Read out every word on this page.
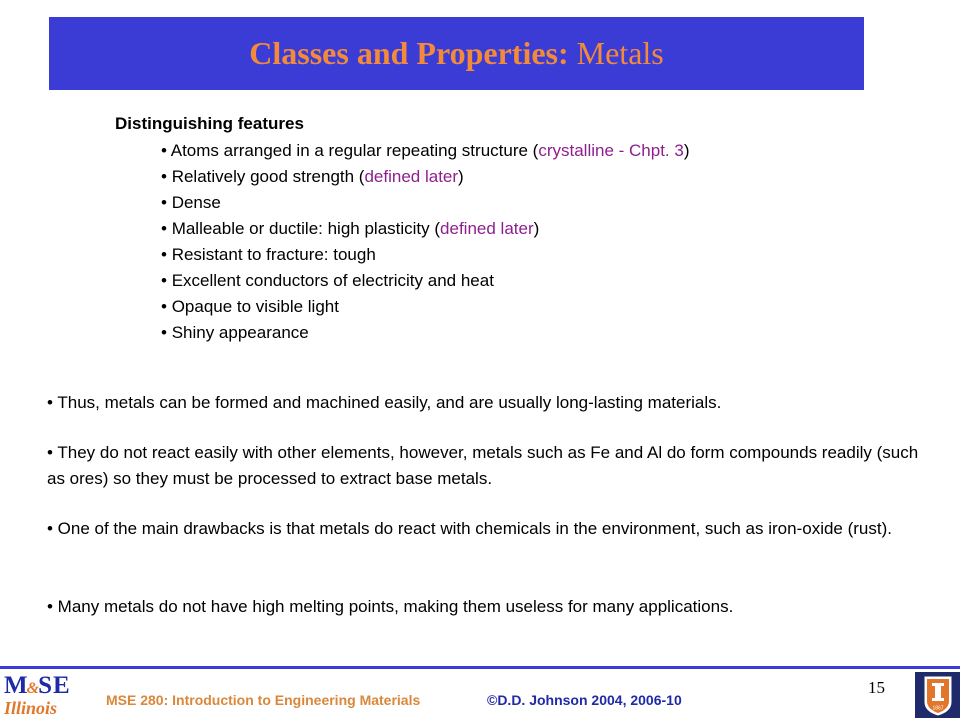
Classes and Properties: Metals
Distinguishing features
• Atoms arranged in a regular repeating structure (crystalline - Chpt. 3)
• Relatively good strength (defined later)
• Dense
• Malleable or ductile: high plasticity (defined later)
• Resistant to fracture: tough
• Excellent conductors of electricity and heat
• Opaque to visible light
• Shiny appearance
• Thus, metals can be formed and machined easily, and are usually long-lasting materials.
• They do not react easily with other elements, however, metals such as Fe and Al do form compounds readily (such as ores) so they must be processed to extract base metals.
• One of the main drawbacks is that metals do react with chemicals in the environment, such as iron-oxide (rust).
• Many metals do not have high melting points, making them useless for many applications.
M&SE
Illinois	MSE 280: Introduction to Engineering Materials	©D.D. Johnson 2004, 2006-10
15
1867
